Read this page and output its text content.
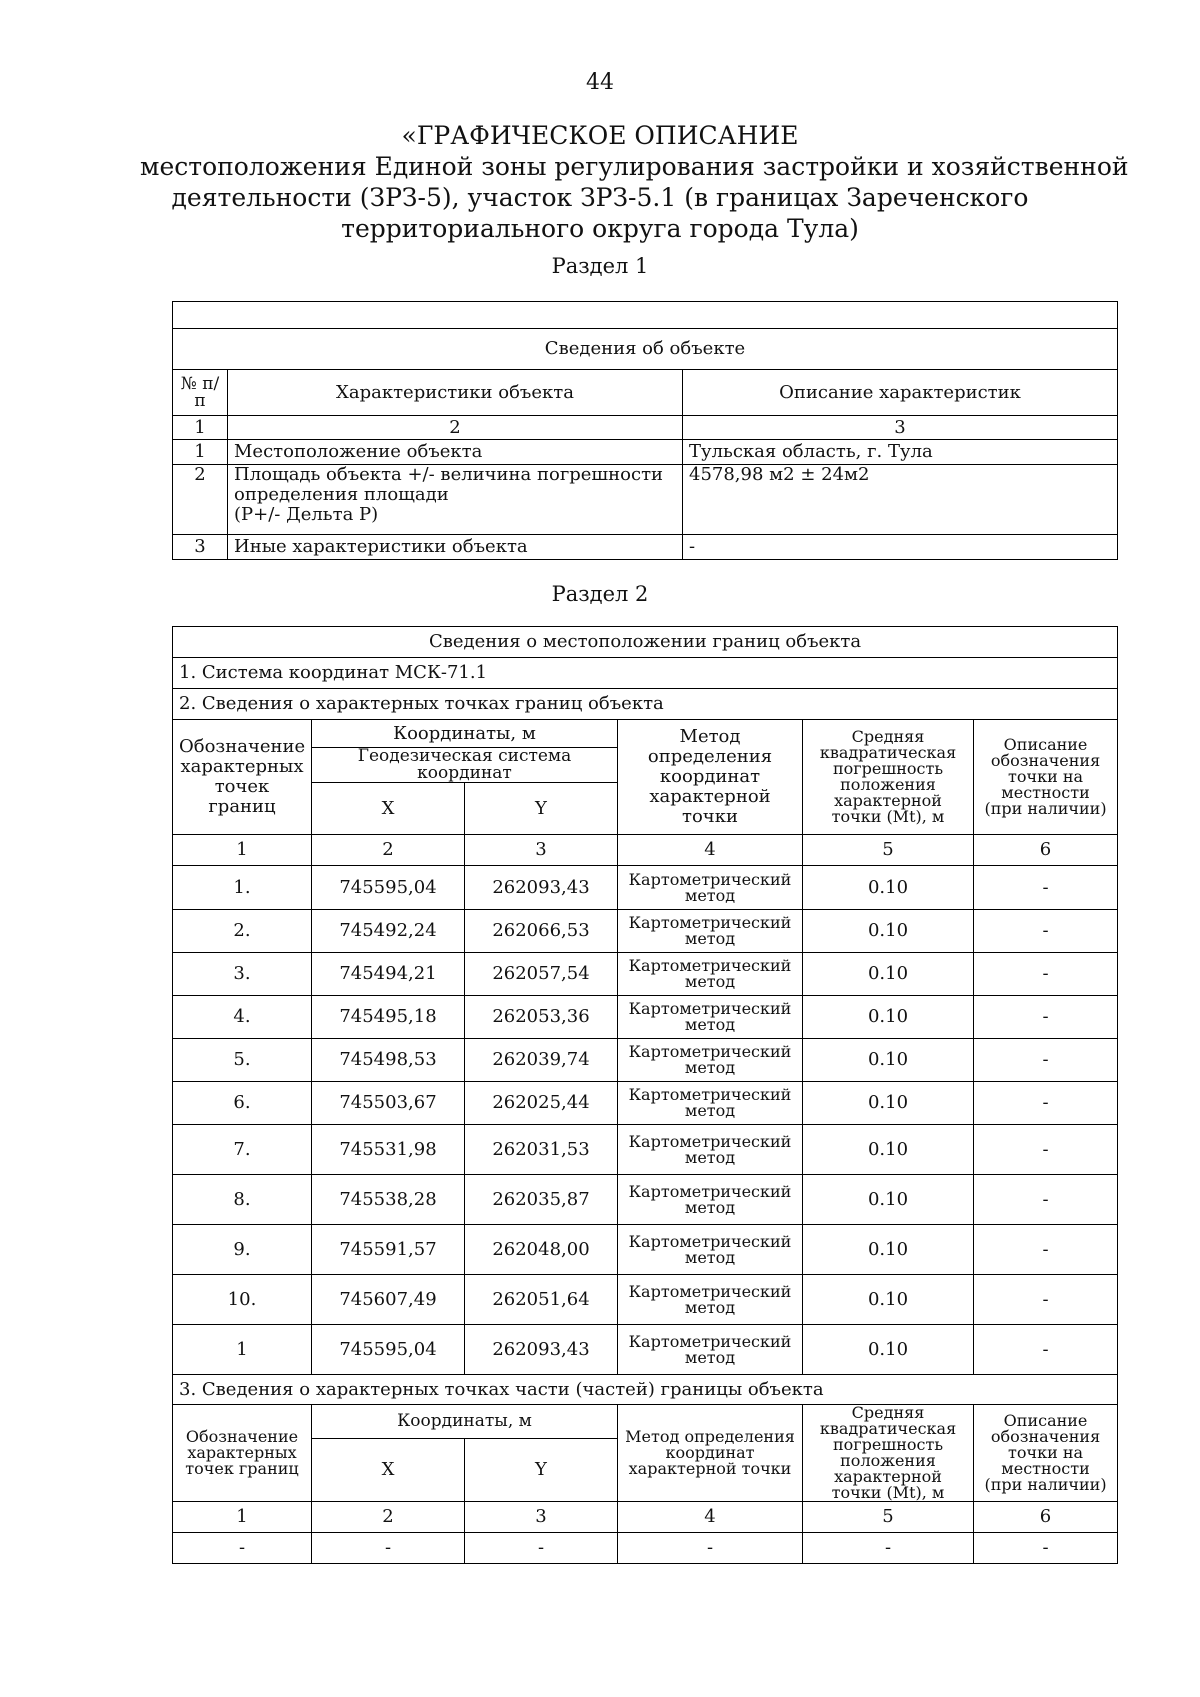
44
«ГРАФИЧЕСКОЕ ОПИСАНИЕ
местоположения Единой зоны регулирования застройки и хозяйственной
деятельности (ЗРЗ-5), участок ЗРЗ-5.1 (в границах Зареченского
территориального округа города Тула)
Раздел 1

Сведения об объекте		
№ п/п	Характеристики объекта	Описание характеристик
1	2	3
1	Местоположение объекта	Тульская область, г. Тула
2	Площадь объекта +/- величина погрешности
определения площади
(Р+/- Дельта Р)	4578,98 м2 ± 24м2
3	Иные характеристики объекта	-
Раздел 2
Сведения о местоположении границ объекта					
1. Система координат МСК-71.1					
2. Сведения о характерных точках границ объекта					
Обозначение характерных точек границ	Координаты, м		Метод определения координат характерной точки	Средняя квадратическая погрешность положения характерной точки (Mt), м	Описание обозначения точки на местности (при наличии)
	Геодезическая система координат				
	X	Y			
1	2	3	4	5	6
1.	745595,04	262093,43	Картометрический метод	0.10	-
2.	745492,24	262066,53	Картометрический метод	0.10	-
3.	745494,21	262057,54	Картометрический метод	0.10	-
4.	745495,18	262053,36	Картометрический метод	0.10	-
5.	745498,53	262039,74	Картометрический метод	0.10	-
6.	745503,67	262025,44	Картометрический метод	0.10	-
7.	745531,98	262031,53	Картометрический метод	0.10	-
8.	745538,28	262035,87	Картометрический метод	0.10	-
9.	745591,57	262048,00	Картометрический метод	0.10	-
10.	745607,49	262051,64	Картометрический метод	0.10	-
1	745595,04	262093,43	Картометрический метод	0.10	-
3. Сведения о характерных точках части (частей) границы объекта					
Обозначение характерных точек границ	Координаты, м		Метод определения координат характерной точки	Средняя квадратическая погрешность положения характерной точки (Mt), м	Описание обозначения точки на местности (при наличии)
	X	Y			
1	2	3	4	5	6
-	-	-	-	-	-
